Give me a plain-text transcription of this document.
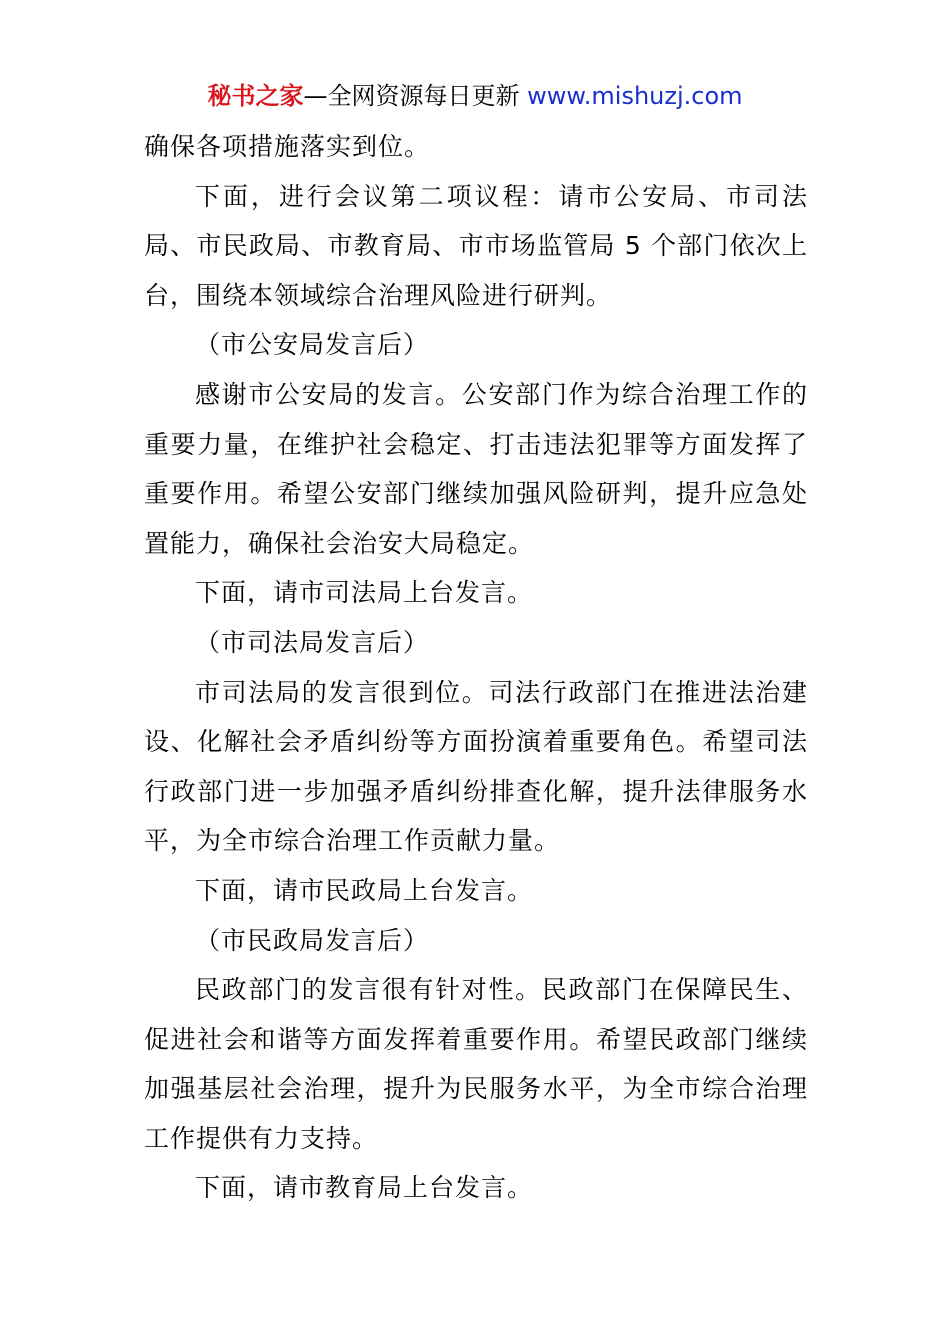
秘书之家—全网资源每日更新 www.mishuzj.com

确保各项措施落实到位。

下面，进行会议第二项议程：请市公安局、市司法局、市民政局、市教育局、市市场监管局 5 个部门依次上台，围绕本领域综合治理风险进行研判。

（市公安局发言后）

感谢市公安局的发言。公安部门作为综合治理工作的重要力量，在维护社会稳定、打击违法犯罪等方面发挥了重要作用。希望公安部门继续加强风险研判，提升应急处置能力，确保社会治安大局稳定。

下面，请市司法局上台发言。

（市司法局发言后）

市司法局的发言很到位。司法行政部门在推进法治建设、化解社会矛盾纠纷等方面扮演着重要角色。希望司法行政部门进一步加强矛盾纠纷排查化解，提升法律服务水平，为全市综合治理工作贡献力量。

下面，请市民政局上台发言。

（市民政局发言后）

民政部门的发言很有针对性。民政部门在保障民生、促进社会和谐等方面发挥着重要作用。希望民政部门继续加强基层社会治理，提升为民服务水平，为全市综合治理工作提供有力支持。

下面，请市教育局上台发言。
